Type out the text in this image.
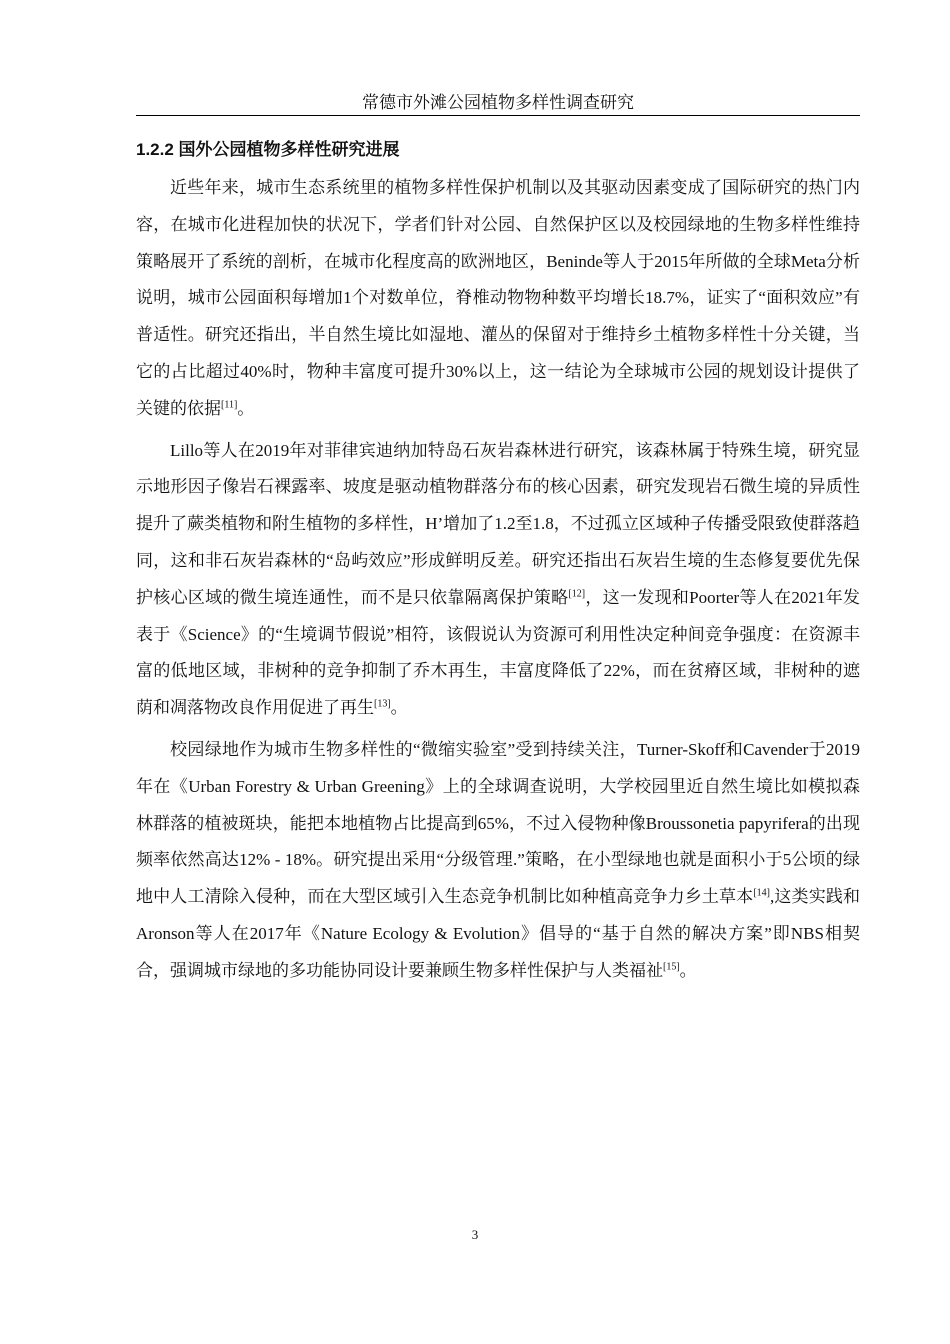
常德市外滩公园植物多样性调查研究
1.2.2 国外公园植物多样性研究进展

近些年来，城市生态系统里的植物多样性保护机制以及其驱动因素变成了国际研究的热门内容，在城市化进程加快的状况下，学者们针对公园、自然保护区以及校园绿地的生物多样性维持策略展开了系统的剖析，在城市化程度高的欧洲地区，Beninde等人于2015年所做的全球Meta分析说明，城市公园面积每增加1个对数单位，脊椎动物物种数平均增长18.7%，证实了“面积效应”有普适性。研究还指出，半自然生境比如湿地、灌丛的保留对于维持乡土植物多样性十分关键，当它的占比超过40%时，物种丰富度可提升30%以上，这一结论为全球城市公园的规划设计提供了关键的依据[11]。

Lillo等人在2019年对菲律宾迪纳加特岛石灰岩森林进行研究，该森林属于特殊生境，研究显示地形因子像岩石裸露率、坡度是驱动植物群落分布的核心因素，研究发现岩石微生境的异质性提升了蕨类植物和附生植物的多样性，H’增加了1.2至1.8，不过孤立区域种子传播受限致使群落趋同，这和非石灰岩森林的“岛屿效应”形成鲜明反差。研究还指出石灰岩生境的生态修复要优先保护核心区域的微生境连通性，而不是只依靠隔离保护策略[12]，这一发现和Poorter等人在2021年发表于《Science》的“生境调节假说”相符，该假说认为资源可利用性决定种间竞争强度：在资源丰富的低地区域，非树种的竞争抑制了乔木再生，丰富度降低了22%，而在贫瘠区域，非树种的遮荫和凋落物改良作用促进了再生[13]。

校园绿地作为城市生物多样性的“微缩实验室”受到持续关注，Turner-Skoff和Cavender于2019年在《Urban Forestry & Urban Greening》上的全球调查说明，大学校园里近自然生境比如模拟森林群落的植被斑块，能把本地植物占比提高到65%，不过入侵物种像Broussonetia papyrifera的出现频率依然高达12% - 18%。研究提出采用“分级管理.”策略，在小型绿地也就是面积小于5公顷的绿地中人工清除入侵种，而在大型区域引入生态竞争机制比如种植高竞争力乡土草本[14],这类实践和Aronson等人在2017年《Nature Ecology & Evolution》倡导的“基于自然的解决方案”即NBS相契合，强调城市绿地的多功能协同设计要兼顾生物多样性保护与人类福祉[15]。

3
